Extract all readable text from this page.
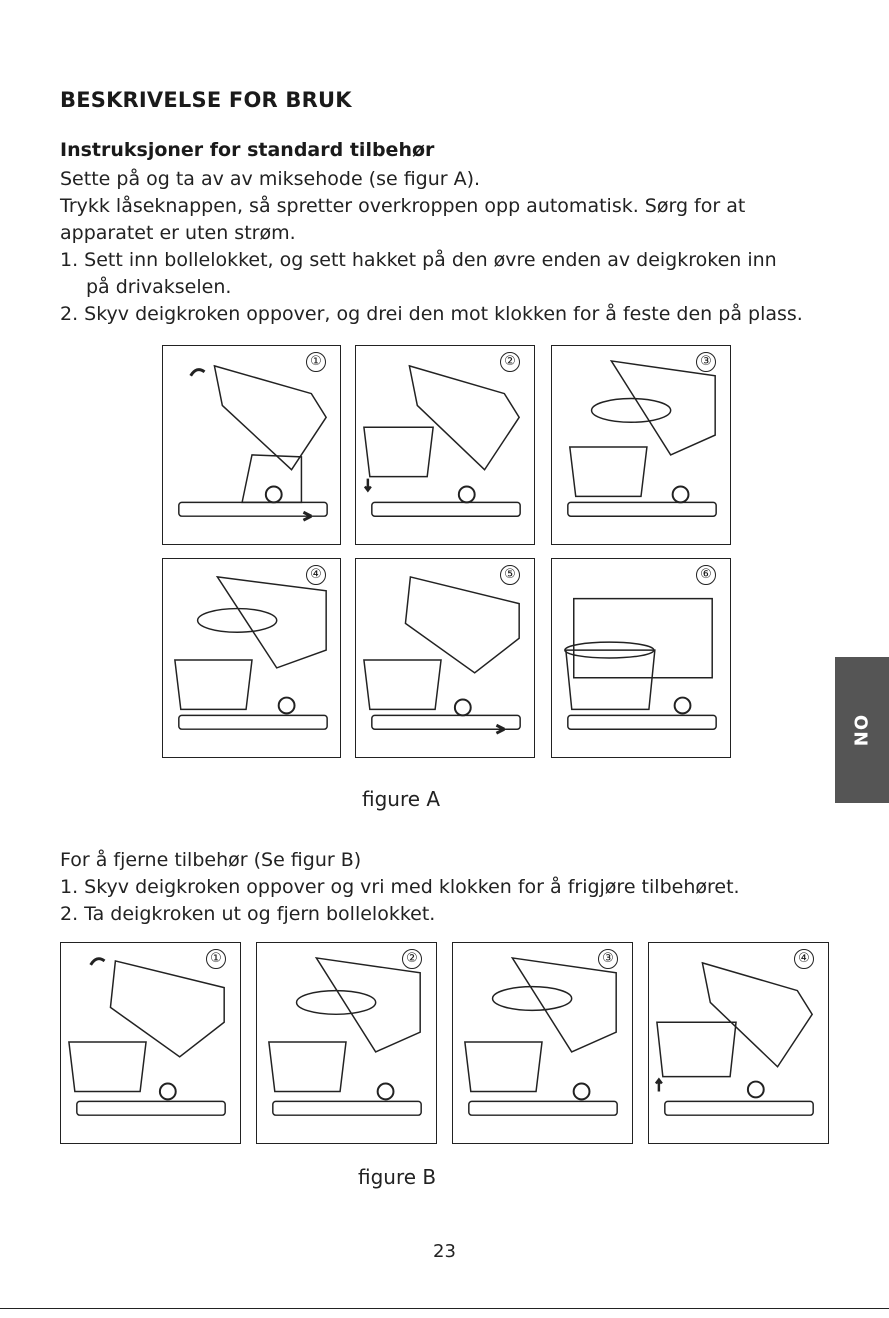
BESKRIVELSE FOR BRUK
Instruksjoner for standard tilbehør
Sette på og ta av av miksehode (se figur A).
Trykk låseknappen, så spretter overkroppen opp automatisk. Sørg for at
apparatet er uten strøm.
1. Sett inn bollelokket, og sett hakket på den øvre enden av deigkroken inn
på drivakselen.
2. Skyv deigkroken oppover, og drei den mot klokken for å feste den på plass.
①	②	③
④	⑤	⑥
figure A
For å fjerne tilbehør (Se figur B)
1. Skyv deigkroken oppover og vri med klokken for å frigjøre tilbehøret.
2. Ta deigkroken ut og fjern bollelokket.
①	②	③	④
figure B
NO
23
